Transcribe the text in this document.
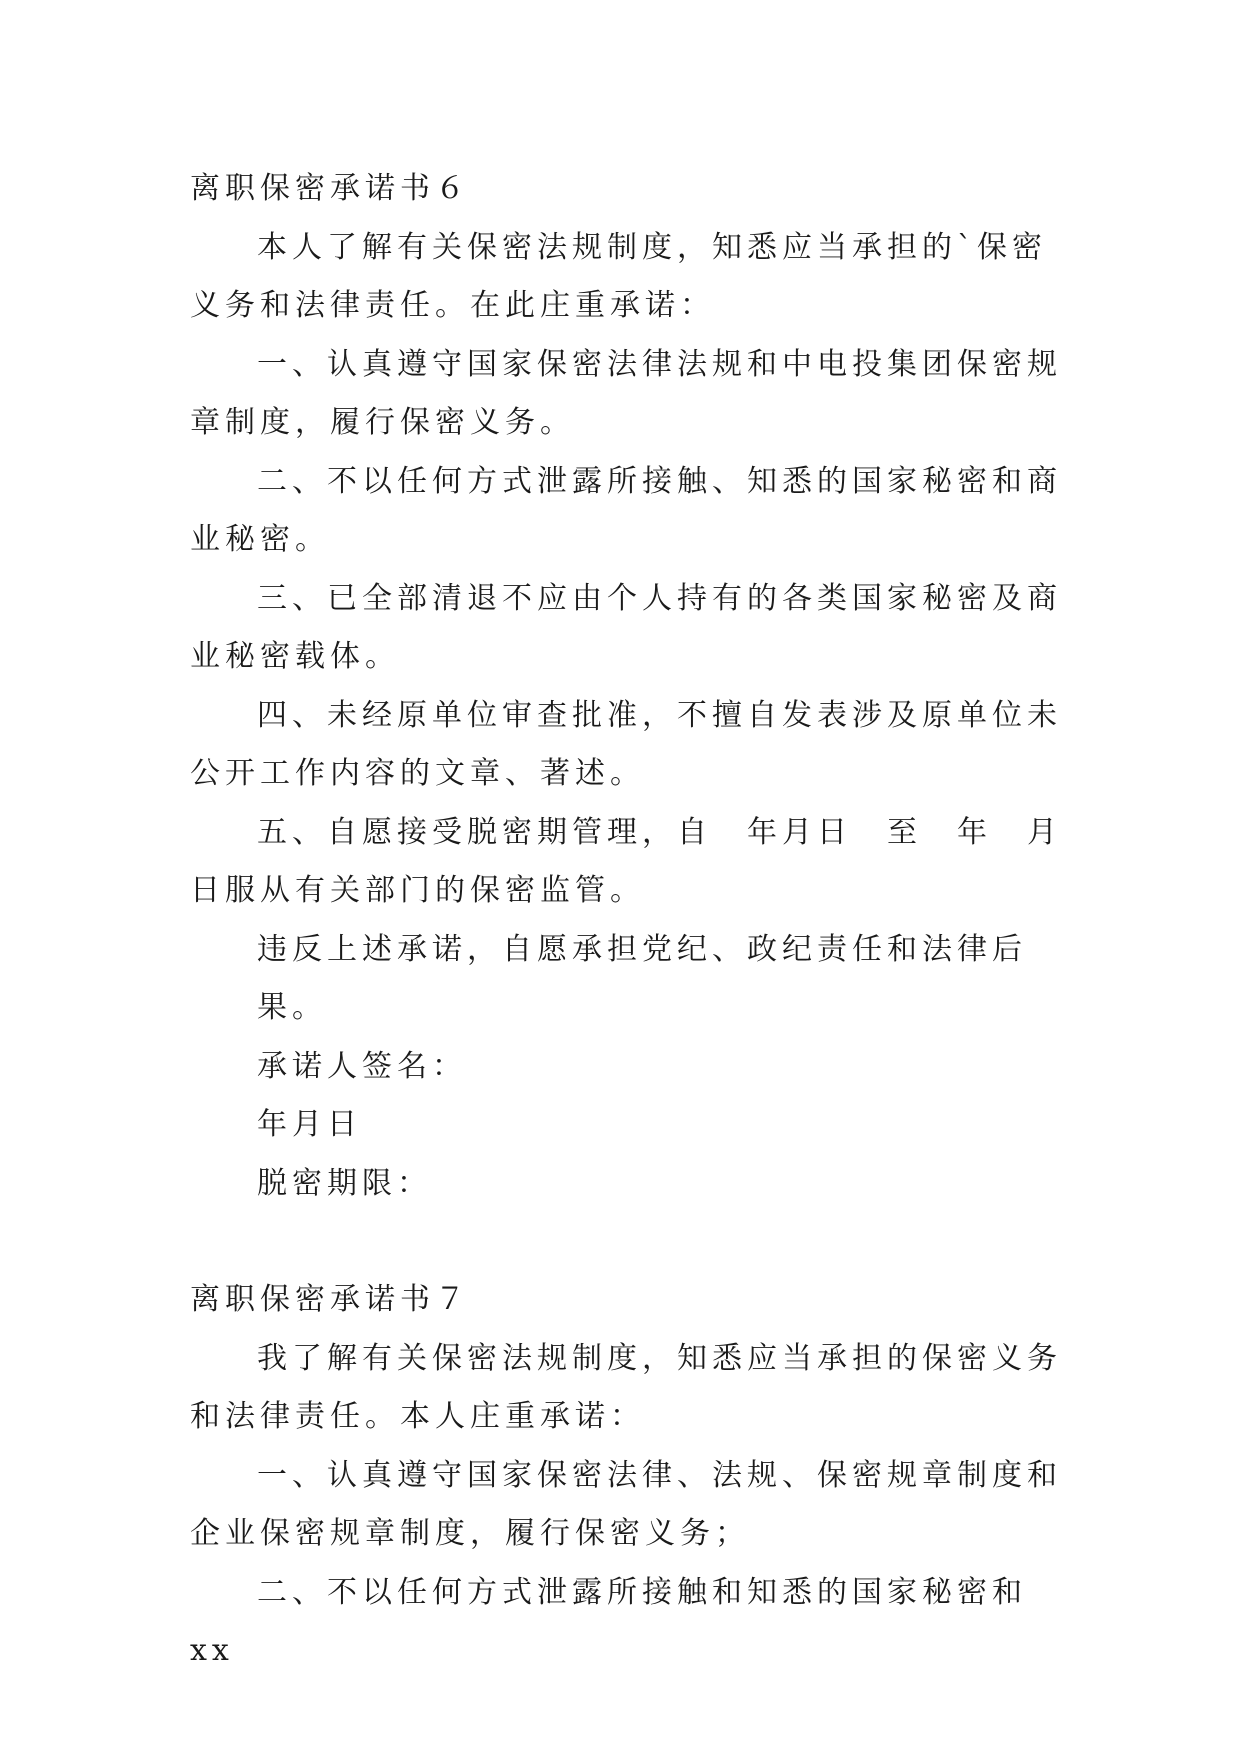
离职保密承诺书６

本人了解有关保密法规制度，知悉应当承担的`保密义务和法律责任。在此庄重承诺：

一、认真遵守国家保密法律法规和中电投集团保密规章制度，履行保密义务。

二、不以任何方式泄露所接触、知悉的国家秘密和商业秘密。

三、已全部清退不应由个人持有的各类国家秘密及商业秘密载体。

四、未经原单位审查批准，不擅自发表涉及原单位未公开工作内容的文章、著述。

五、自愿接受脱密期管理，自　年月日　至　年　月日服从有关部门的保密监管。

违反上述承诺，自愿承担党纪、政纪责任和法律后果。

承诺人签名：

年月日

脱密期限：

离职保密承诺书７

我了解有关保密法规制度，知悉应当承担的保密义务和法律责任。本人庄重承诺：

一、认真遵守国家保密法律、法规、保密规章制度和企业保密规章制度，履行保密义务；

二、不以任何方式泄露所接触和知悉的国家秘密和xx
